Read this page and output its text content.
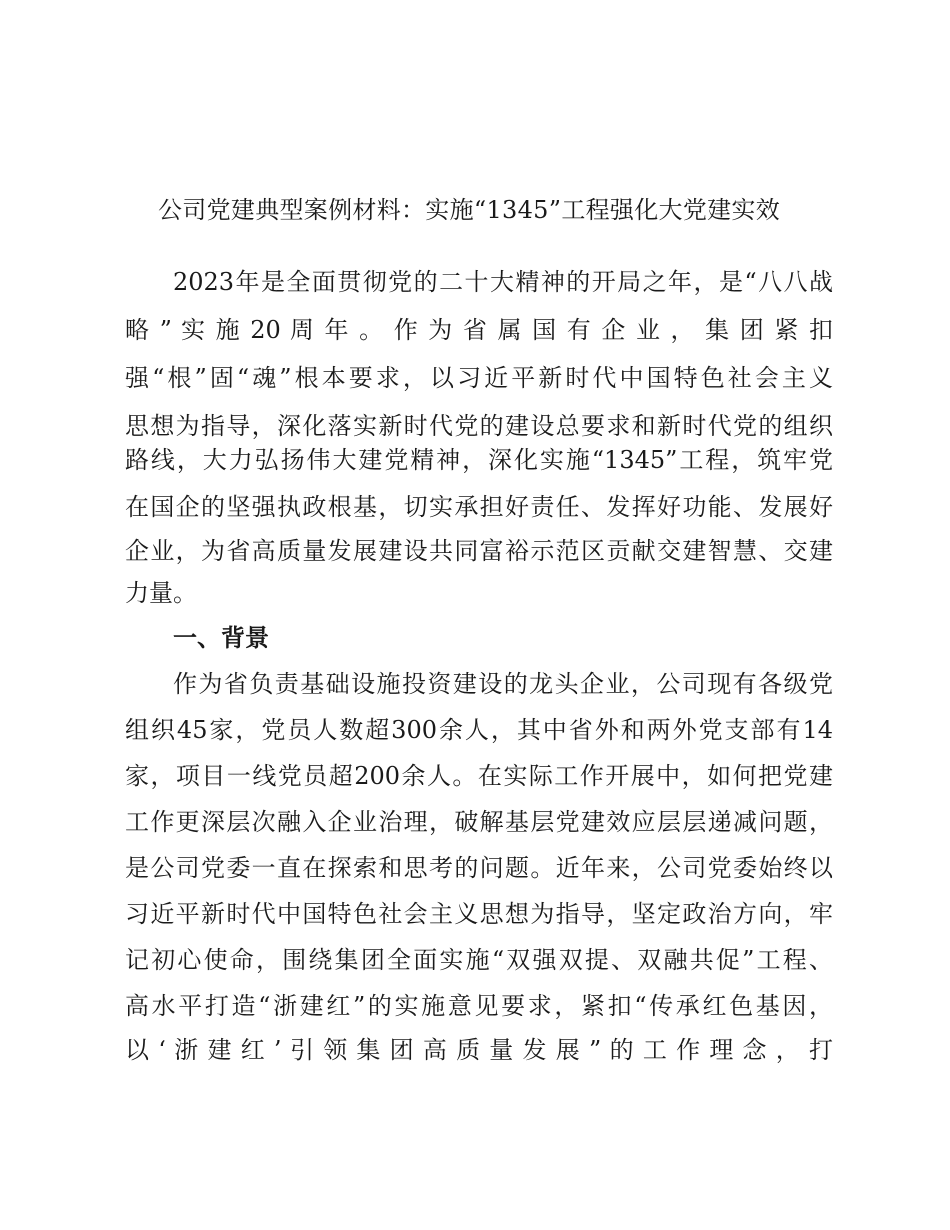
公司党建典型案例材料：实施“1345”工程强化大党建实效
2023年是全面贯彻党的二十大精神的开局之年，是“八八战
略 ” 实 施 20 周 年 。 作 为 省 属 国 有 企 业 ， 集 团 紧 扣
强“根”固“魂”根本要求，以习近平新时代中国特色社会主义
思想为指导，深化落实新时代党的建设总要求和新时代党的组织
路线，大力弘扬伟大建党精神，深化实施“1345”工程，筑牢党
在国企的坚强执政根基，切实承担好责任、发挥好功能、发展好
企业，为省高质量发展建设共同富裕示范区贡献交建智慧、交建
力量。
一、背景
作为省负责基础设施投资建设的龙头企业，公司现有各级党
组织45家，党员人数超300余人，其中省外和两外党支部有14
家，项目一线党员超200余人。在实际工作开展中，如何把党建
工作更深层次融入企业治理，破解基层党建效应层层递减问题，
是公司党委一直在探索和思考的问题。近年来，公司党委始终以
习近平新时代中国特色社会主义思想为指导，坚定政治方向，牢
记初心使命，围绕集团全面实施“双强双提、双融共促”工程、
高水平打造“浙建红”的实施意见要求，紧扣“传承红色基因，
以 ‘ 浙 建 红 ’ 引 领 集 团 高 质 量 发 展 ” 的 工 作 理 念 ， 打
